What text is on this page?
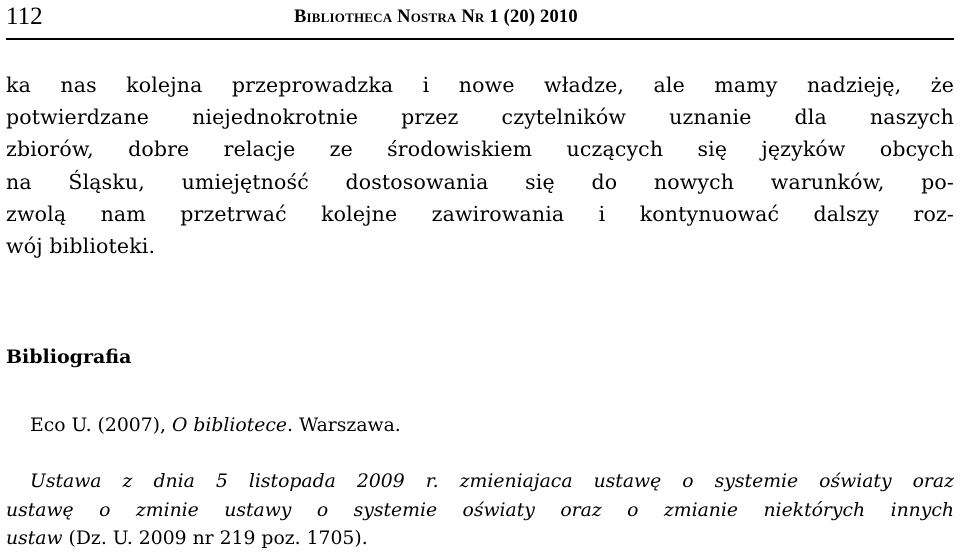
112	Bibliotheca Nostra Nr 1 (20) 2010
ka nas kolejna przeprowadzka i nowe władze, ale mamy nadzieję, że
potwierdzane niejednokrotnie przez czytelników uznanie dla naszych
zbiorów, dobre relacje ze środowiskiem uczących się języków obcych
na Śląsku, umiejętność dostosowania się do nowych warunków, po-
zwolą nam przetrwać kolejne zawirowania i kontynuować dalszy roz-
wój biblioteki.
Bibliografia
Eco U. (2007), O bibliotece. Warszawa.
Ustawa z dnia 5 listopada 2009 r. zmieniajaca ustawę o systemie oświaty oraz
ustawę o zminie ustawy o systemie oświaty oraz o zmianie niektórych innych
ustaw (Dz. U. 2009 nr 219 poz. 1705).
